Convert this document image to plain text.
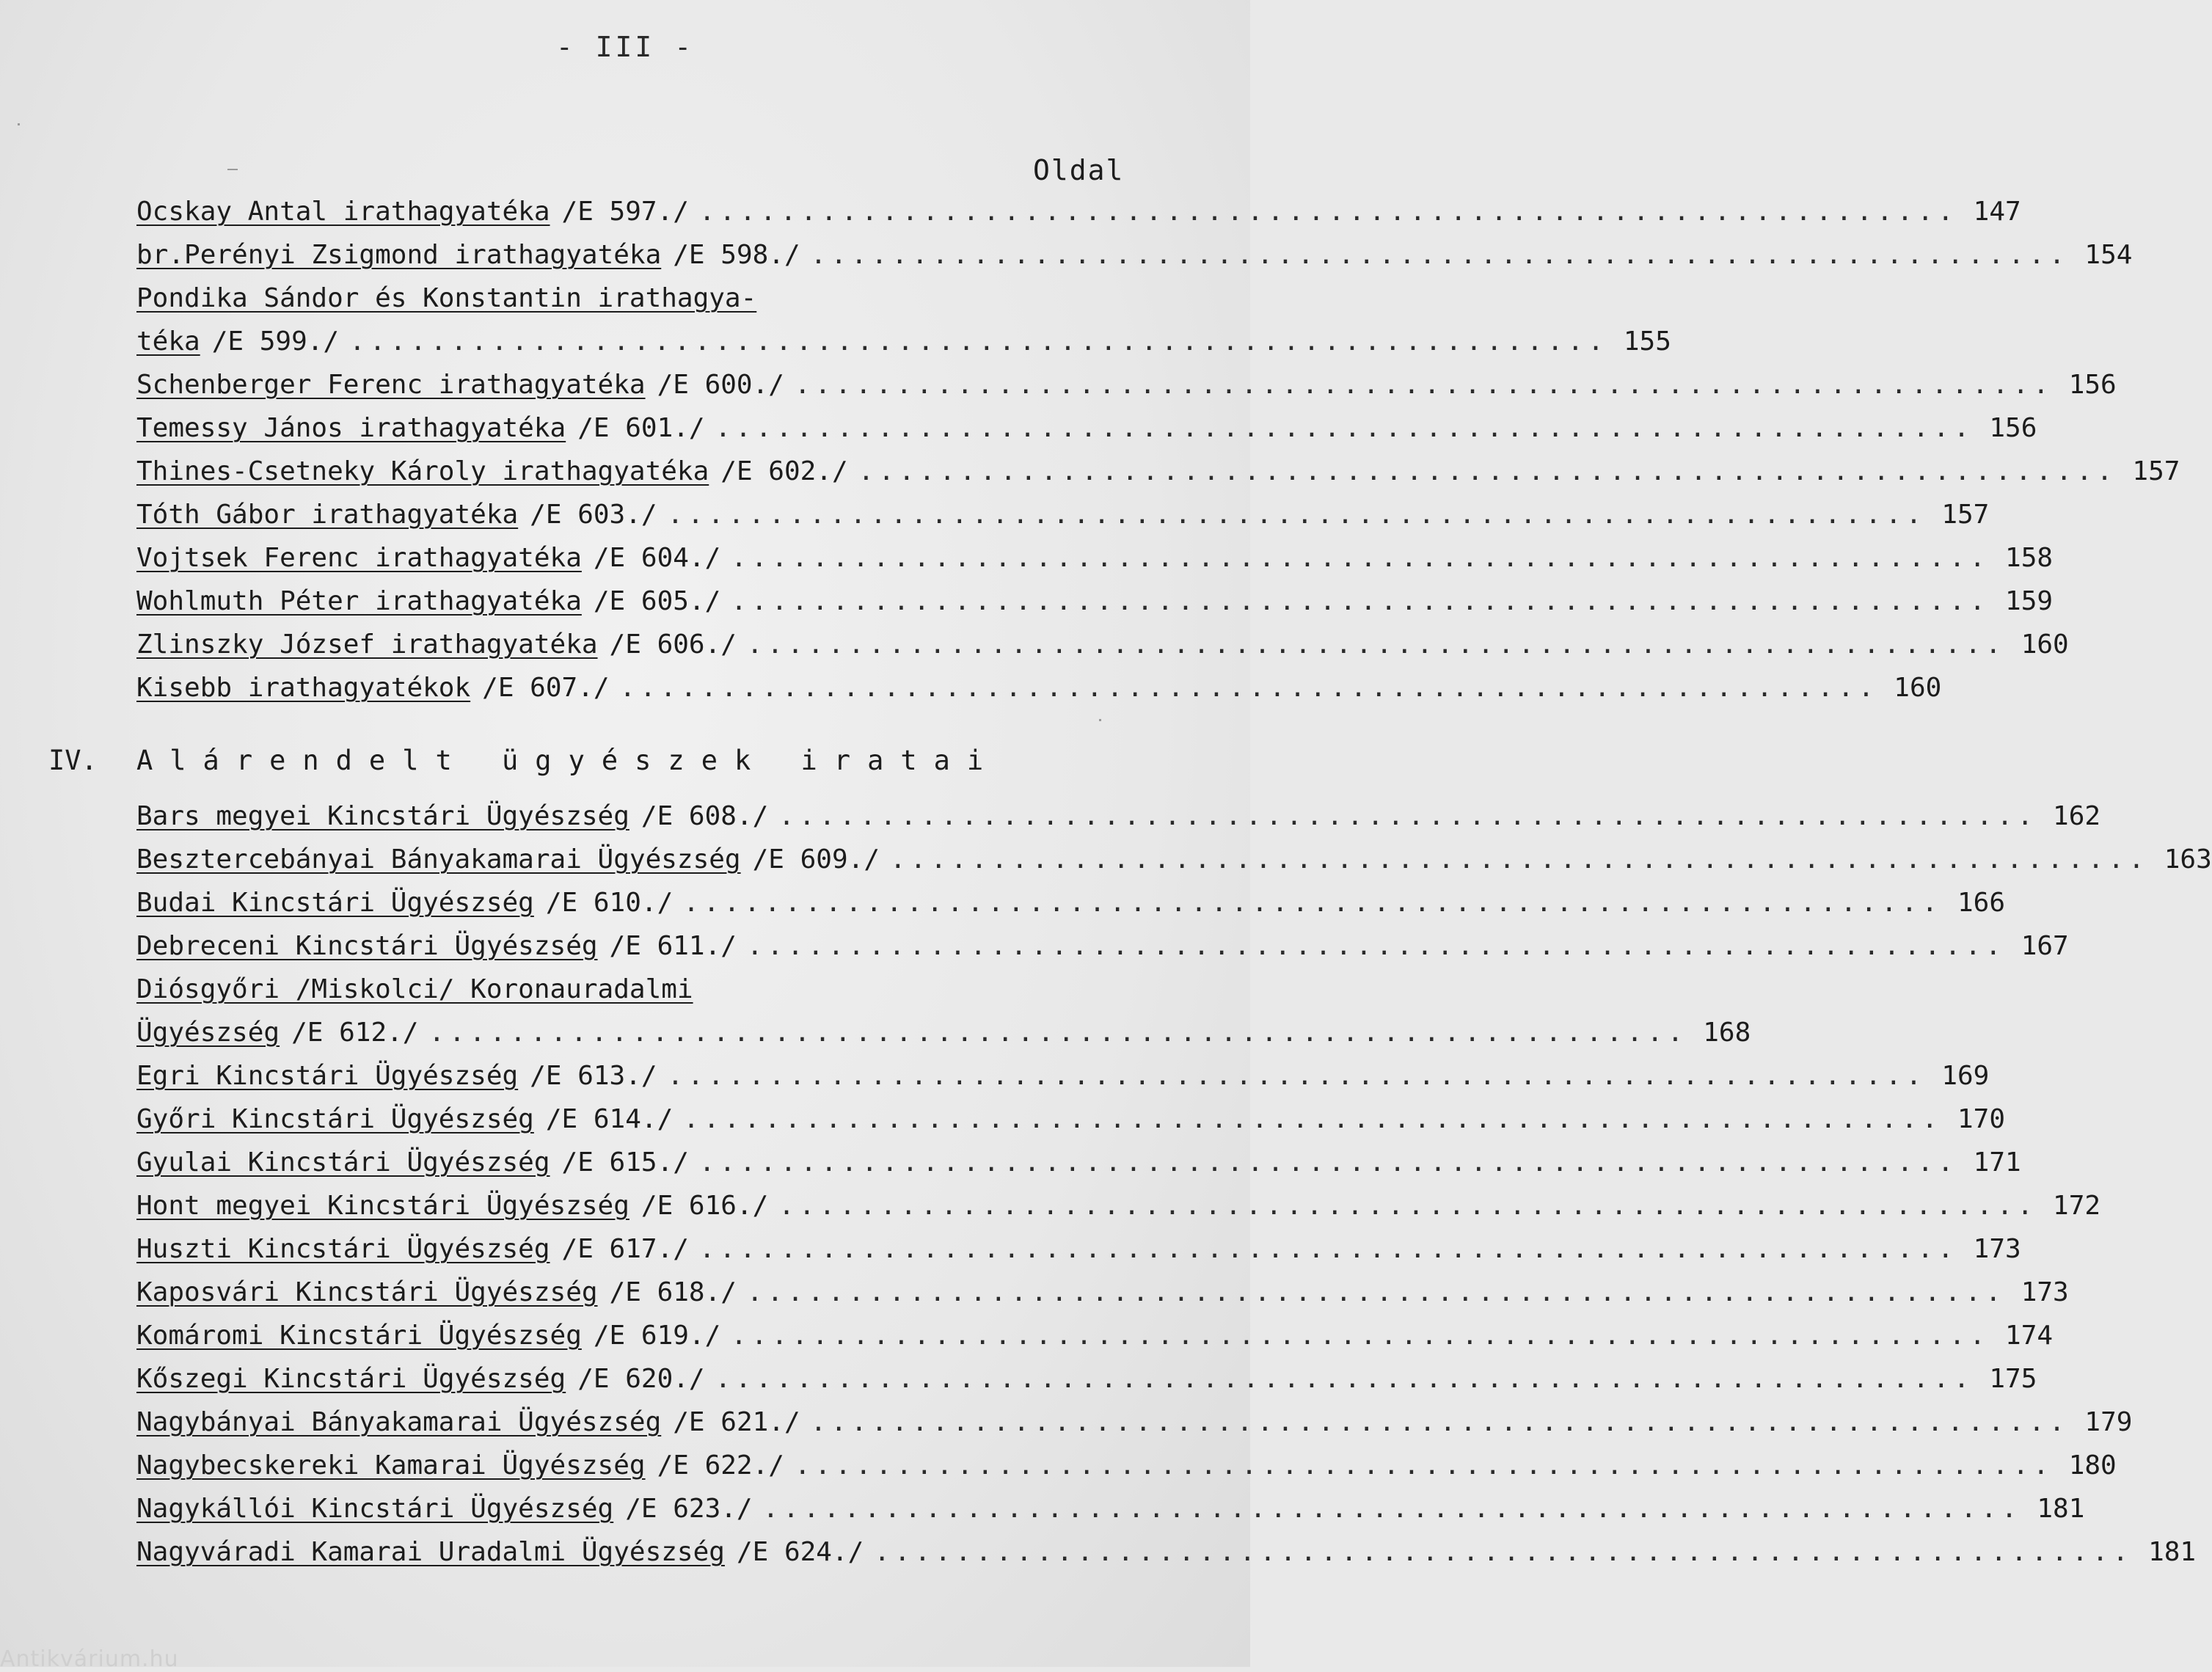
- III -
Oldal
Ocskay Antal irathagyatéka /E 597./ .............................................................. 147
br.Perényi Zsigmond irathagyatéka /E 598./ .............................................................. 154
Pondika Sándor és Konstantin irathagya-
téka /E 599./ .............................................................. 155
Schenberger Ferenc irathagyatéka /E 600./ .............................................................. 156
Temessy János irathagyatéka /E 601./ .............................................................. 156
Thines-Csetneky Károly irathagyatéka /E 602./ .............................................................. 157
Tóth Gábor irathagyatéka /E 603./ .............................................................. 157
Vojtsek Ferenc irathagyatéka /E 604./ .............................................................. 158
Wohlmuth Péter irathagyatéka /E 605./ .............................................................. 159
Zlinszky József irathagyatéka /E 606./ .............................................................. 160
Kisebb irathagyatékok /E 607./ .............................................................. 160
IV. Alárendelt ügyészek iratai
Bars megyei Kincstári Ügyészség /E 608./ .............................................................. 162
Besztercebányai Bányakamarai Ügyészség /E 609./ .............................................................. 163
Budai Kincstári Ügyészség /E 610./ .............................................................. 166
Debreceni Kincstári Ügyészség /E 611./ .............................................................. 167
Diósgyőri /Miskolci/ Koronauradalmi
Ügyészség /E 612./ .............................................................. 168
Egri Kincstári Ügyészség /E 613./ .............................................................. 169
Győri Kincstári Ügyészség /E 614./ .............................................................. 170
Gyulai Kincstári Ügyészség /E 615./ .............................................................. 171
Hont megyei Kincstári Ügyészség /E 616./ .............................................................. 172
Huszti Kincstári Ügyészség /E 617./ .............................................................. 173
Kaposvári Kincstári Ügyészség /E 618./ .............................................................. 173
Komáromi Kincstári Ügyészség /E 619./ .............................................................. 174
Kőszegi Kincstári Ügyészség /E 620./ .............................................................. 175
Nagybányai Bányakamarai Ügyészség /E 621./ .............................................................. 179
Nagybecskereki Kamarai Ügyészség /E 622./ .............................................................. 180
Nagykállói Kincstári Ügyészség /E 623./ .............................................................. 181
Nagyváradi Kamarai Uradalmi Ügyészség /E 624./ .............................................................. 181
Antikvárium.hu
